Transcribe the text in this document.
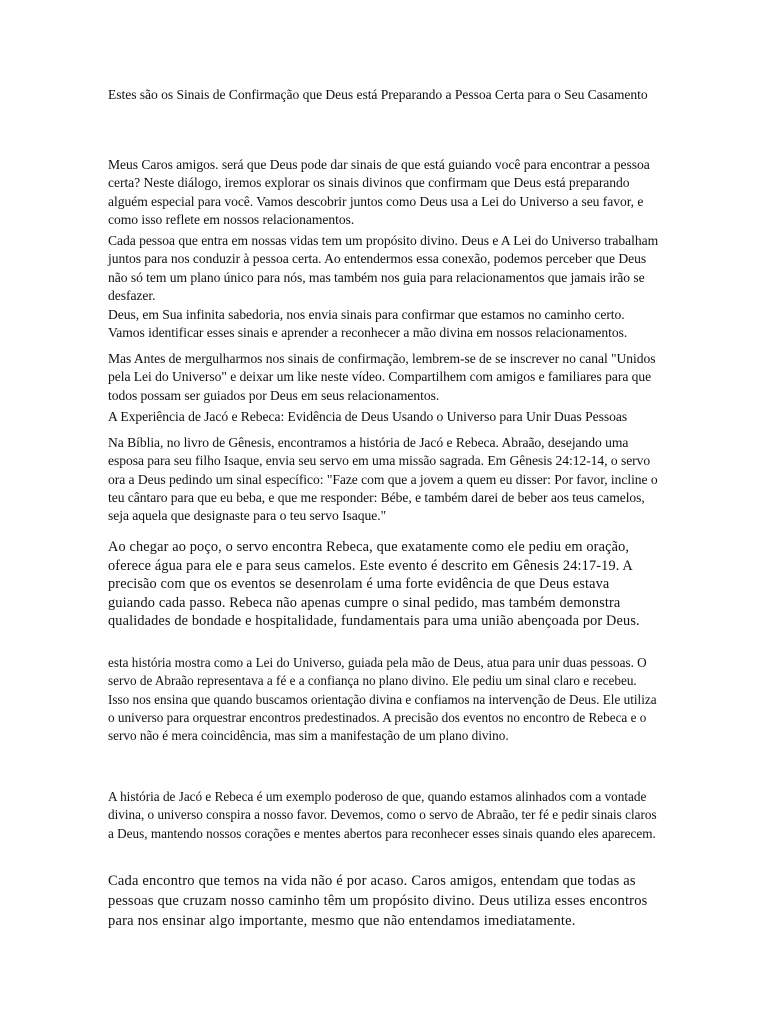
Estes são os Sinais de Confirmação que Deus está Preparando a Pessoa Certa para o Seu Casamento

Meus Caros amigos. será que Deus pode dar sinais de que está guiando você para encontrar a pessoa certa? Neste diálogo, iremos explorar os sinais divinos que confirmam que Deus está preparando alguém especial para você. Vamos descobrir juntos como Deus usa a Lei do Universo a seu favor, e como isso reflete em nossos relacionamentos.

Cada pessoa que entra em nossas vidas tem um propósito divino. Deus e A Lei do Universo trabalham juntos para nos conduzir à pessoa certa. Ao entendermos essa conexão, podemos perceber que Deus não só tem um plano único para nós, mas também nos guia para relacionamentos que jamais irão se desfazer.

Deus, em Sua infinita sabedoria, nos envia sinais para confirmar que estamos no caminho certo. Vamos identificar esses sinais e aprender a reconhecer a mão divina em nossos relacionamentos.

Mas Antes de mergulharmos nos sinais de confirmação, lembrem-se de se inscrever no canal "Unidos pela Lei do Universo" e deixar um like neste vídeo. Compartilhem com amigos e familiares para que todos possam ser guiados por Deus em seus relacionamentos.

A Experiência de Jacó e Rebeca: Evidência de Deus Usando o Universo para Unir Duas Pessoas

Na Bíblia, no livro de Gênesis, encontramos a história de Jacó e Rebeca. Abraão, desejando uma esposa para seu filho Isaque, envia seu servo em uma missão sagrada. Em Gênesis 24:12-14, o servo ora a Deus pedindo um sinal específico: "Faze com que a jovem a quem eu disser: Por favor, incline o teu cântaro para que eu beba, e que me responder: Bébe, e também darei de beber aos teus camelos, seja aquela que designaste para o teu servo Isaque."

Ao chegar ao poço, o servo encontra Rebeca, que exatamente como ele pediu em oração, oferece água para ele e para seus camelos. Este evento é descrito em Gênesis 24:17-19. A precisão com que os eventos se desenrolam é uma forte evidência de que Deus estava guiando cada passo. Rebeca não apenas cumpre o sinal pedido, mas também demonstra qualidades de bondade e hospitalidade, fundamentais para uma união abençoada por Deus.

esta história mostra como a Lei do Universo, guiada pela mão de Deus, atua para unir duas pessoas. O servo de Abraão representava a fé e a confiança no plano divino. Ele pediu um sinal claro e recebeu. Isso nos ensina que quando buscamos orientação divina e confiamos na intervenção de Deus. Ele utiliza o universo para orquestrar encontros predestinados. A precisão dos eventos no encontro de Rebeca e o servo não é mera coincidência, mas sim a manifestação de um plano divino.

A história de Jacó e Rebeca é um exemplo poderoso de que, quando estamos alinhados com a vontade divina, o universo conspira a nosso favor. Devemos, como o servo de Abraão, ter fé e pedir sinais claros a Deus, mantendo nossos corações e mentes abertos para reconhecer esses sinais quando eles aparecem.

Cada encontro que temos na vida não é por acaso. Caros amigos, entendam que todas as pessoas que cruzam nosso caminho têm um propósito divino. Deus utiliza esses encontros para nos ensinar algo importante, mesmo que não entendamos imediatamente.
